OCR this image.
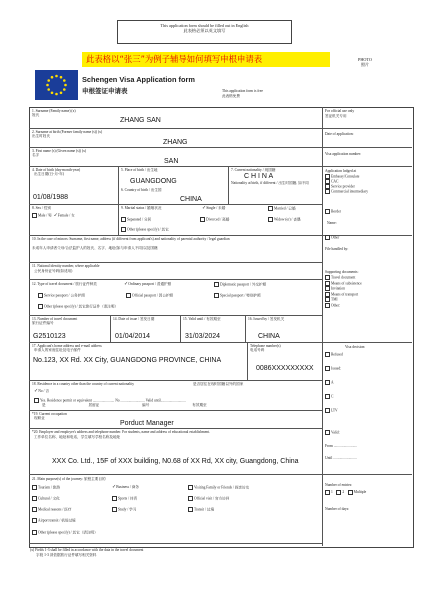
This application form should be filled out in English
此表格必须以英文填写
此表格以“张三”为例子辅导如何填写申根申请表	PHOTO
照片
Schengen Visa Application form
申根签证申请表	This application form is free
此表格免费
1. Surname (Family name) (x)
姓氏
ZHANG SAN
2. Surname at birth (Former family name (s)) (x)
出生时姓氏
ZHANG
3. First name (s) (Given name (s)) (x)
名字
SAN
4. Date of birth (day-month-year)
出生日期(日-月-年)
01/08/1988
5. Place of birth / 出生地
GUANGDONG
6. Country of birth / 出生国
CHINA
7. Current nationality / 现国籍
C H I N A
Nationality at birth, if different / 出生时国籍, 如不同
8. Sex / 性别
Male / 男 ✓Female / 女
9. Marital status / 婚姻状况	✓Single / 未婚	Married / 已婚
Separated / 分居	Divorced / 离婚	Widow (er) / 丧偶
Other (please specify) / 其它
10. In the case of minors: Surname, first name, address (if different from applicant's) and nationality of parental authority / legal guardian
未成年人申请者父母/合法监护人的姓氏、名字、地址(如与申请人不同)以及国籍
11. National identity number, where applicable
公民身份证号码(如适用)
12. Type of travel document / 旅行证件种类	✓Ordinary passport / 普通护照	Diplomatic passport / 外交护照
Service passport / 公务护照	Official passport / 因公护照	Special passport / 特别护照
Other (please specify) / 其它旅行证件（请注明）
13. Number of travel document
旅行证件编号
G2510123
14. Date of issue / 签发日期
01/04/2014
15. Valid until / 有效期至
31/03/2024
16. Issued by / 签发机关
CHINA
17. Applicant's home address and e-mail address
申请人的家庭住址及电子邮件
No.123, XX Rd. XX City, GUANGDONG PROVINCE, CHINA
Telephone number(s)
电话号码
0086XXXXXXXXX
18. Residence in a country other than the country of current nationality	是否居住在现时国籍以外的国家
✓No / 否
Yes. Residence permit or equivalent ........................ No. .......................... Valid until............................
是 居留证 编号 有效期至
*19. Current occupation
现职业
Porduct Manager
*20. Employer and employer's address and telephone number. For students, name and address of educational establishment.
工作单位名称、地址和电话，学生填写学校名称及地址
XXX Co. Ltd., 15F of XXX building, N0.68 of XX Rd, XX city, Guangdong, China
21. Main purpose(s) of the journey: 旅程主要目的
Tourism / 旅游	✓Business / 商务	Visiting Family or Friends / 探亲访友
Cultural / 文化	Sports / 体育	Official visit / 官方访问
Medical reasons / 医疗	Study / 学习	Transit / 过境
Airport transit / 机场过境
Other (please specify) / 其它（请注明）
For official use only
签证机关专用
Date of application:
Visa application number:
Application lodged at
Embassy/Consulate
CAC
Service provider
Commercial intermediary
Border
Name:
Other
File handled by:
Supporting documents:
Travel document
Means of subsistence
Invitation
Means of transport
TMI
Other:
Visa decision:
Refused
Issued:
A
C
LTV
Valid:
From ..........................
Until ..........................
Number of entries:
1	2	Multiple
Number of days:
(x) Fields 1-3 shall be filled in accordance with the data in the travel document
字段 1-3 须依据旅行证件填写相关资料
